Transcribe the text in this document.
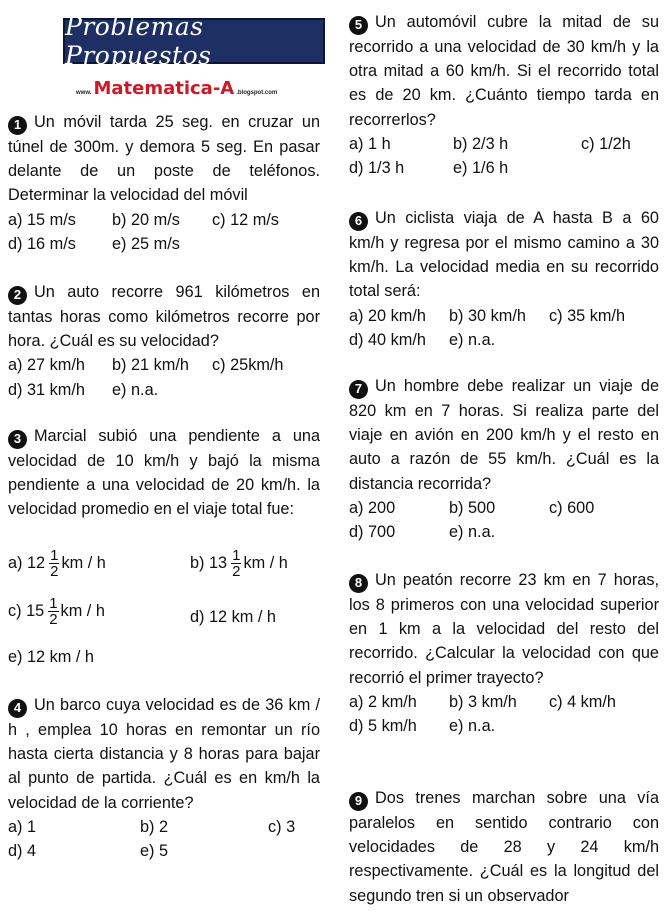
Problemas Propuestos
www. Matematica-A .blogspot.com

1 Un móvil tarda 25 seg. en cruzar un túnel de 300m. y demora 5 seg. En pasar delante de un poste de teléfonos. Determinar la velocidad del móvil

a) 15 m/s	b) 20 m/s	c) 12 m/s
d) 16 m/s	e) 25 m/s

2 Un auto recorre 961 kilómetros en tantas horas como kilómetros recorre por hora. ¿Cuál es su velocidad?

a) 27 km/h	b) 21 km/h	c) 25km/h
d) 31 km/h	e) n.a.

3 Marcial subió una pendiente a una velocidad de 10 km/h y bajó la misma pendiente a una velocidad de 20 km/h. la velocidad promedio en el viaje total fue:

a) $12 \frac{1}{2}$ km / h	b) $13 \frac{1}{2}$ km / h
c) $15 \frac{1}{2}$ km / h	d) 12 km / h
e) 12 km / h

4 Un barco cuya velocidad es de 36 km / h , emplea 10 horas en remontar un río hasta cierta distancia y 8 horas para bajar al punto de partida. ¿Cuál es en km/h la velocidad de la corriente?

a) 1	b) 2	c) 3
d) 4	e) 5

5 Un automóvil cubre la mitad de su recorrido a una velocidad de 30 km/h y la otra mitad a 60 km/h. Si el recorrido total es de 20 km. ¿Cuánto tiempo tarda en recorrerlos?

a) 1 h	b) 2/3 h	c) 1/2h
d) 1/3 h	e) 1/6 h

6 Un ciclista viaja de A hasta B a 60 km/h y regresa por el mismo camino a 30 km/h. La velocidad media en su recorrido total será:

a) 20 km/h	b) 30 km/h	c) 35 km/h
d) 40 km/h	e) n.a.

7 Un hombre debe realizar un viaje de 820 km en 7 horas. Si realiza parte del viaje en avión en 200 km/h y el resto en auto a razón de 55 km/h. ¿Cuál es la distancia recorrida?

a) 200	b) 500	c) 600
d) 700	e) n.a.

8 Un peatón recorre 23 km en 7 horas, los 8 primeros con una velocidad superior en 1 km a la velocidad del resto del recorrido. ¿Calcular la velocidad con que recorrió el primer trayecto?

a) 2 km/h	b) 3 km/h	c) 4 km/h
d) 5 km/h	e) n.a.

9 Dos trenes marchan sobre una vía paralelos en sentido contrario con velocidades de 28 y 24 km/h respectivamente. ¿Cuál es la longitud del segundo tren si un observador
